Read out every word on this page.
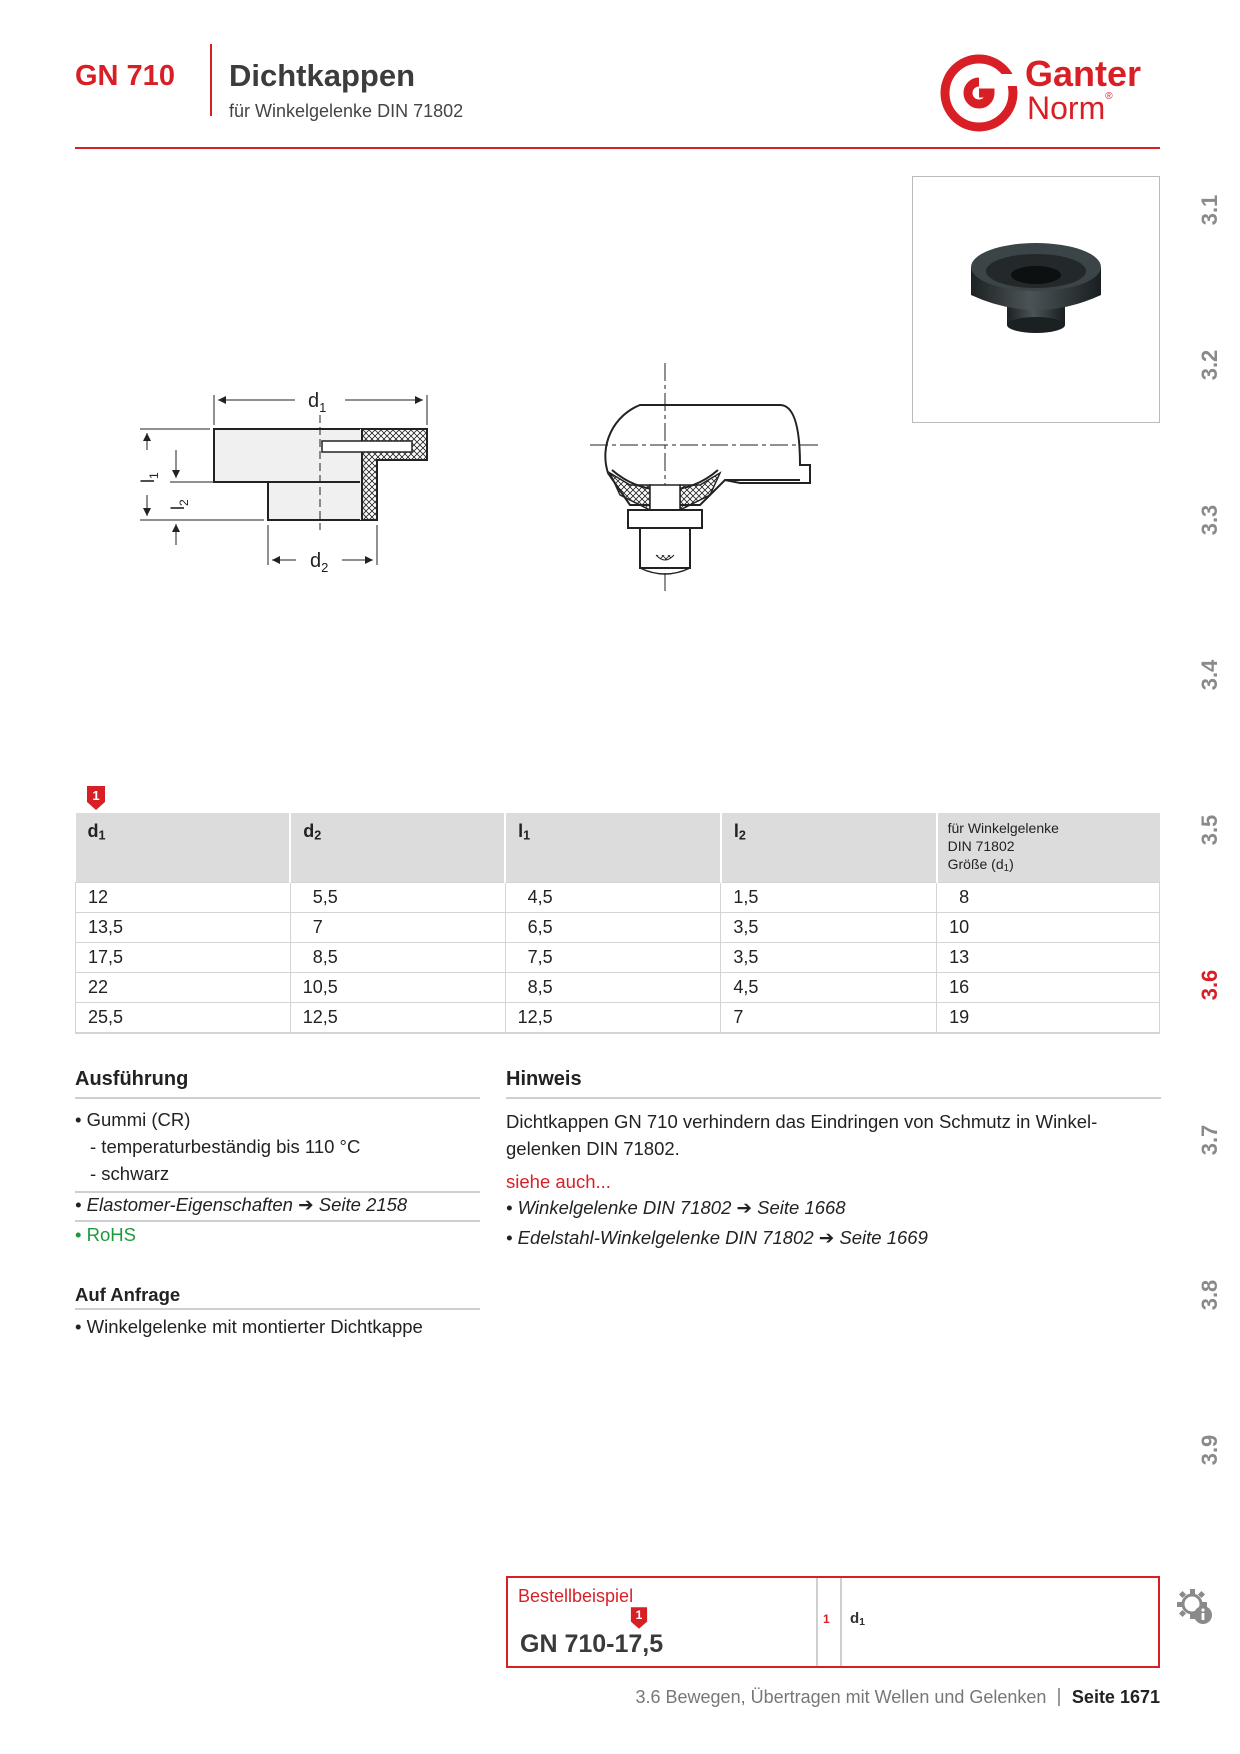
GN 710 Dichtkappen
für Winkelgelenke DIN 71802
Ganter
Norm®
3.1
3.2
3.3
3.4
3.5
3.6
3.7
3.8
3.9
$d_1$
$d_2$
$l_1$
$l_2$
1
$d_1$	$d_2$	$l_1$	$l_2$	für Winkelgelenke
DIN 71802
Größe $(d_1)$
12	 5,5	 4,5	1,5	 8
13,5	 7	 6,5	3,5	10
17,5	 8,5	 7,5	3,5	13
22	10,5	 8,5	4,5	16
25,5	12,5	12,5	7	19
Ausführung
• Gummi (CR)
- temperaturbeständig bis 110 °C
- schwarz
• Elastomer-Eigenschaften ➔ Seite 2158
• RoHS
Auf Anfrage
• Winkelgelenke mit montierter Dichtkappe
Hinweis
Dichtkappen GN 710 verhindern das Eindringen von Schmutz in Winkel-gelenken DIN 71802.
siehe auch...
• Winkelgelenke DIN 71802 ➔ Seite 1668
• Edelstahl-Winkelgelenke DIN 71802 ➔ Seite 1669
Bestellbeispiel
1
GN 710-17,5
1 $d_1$
3.6 Bewegen, Übertragen mit Wellen und Gelenken Seite 1671
